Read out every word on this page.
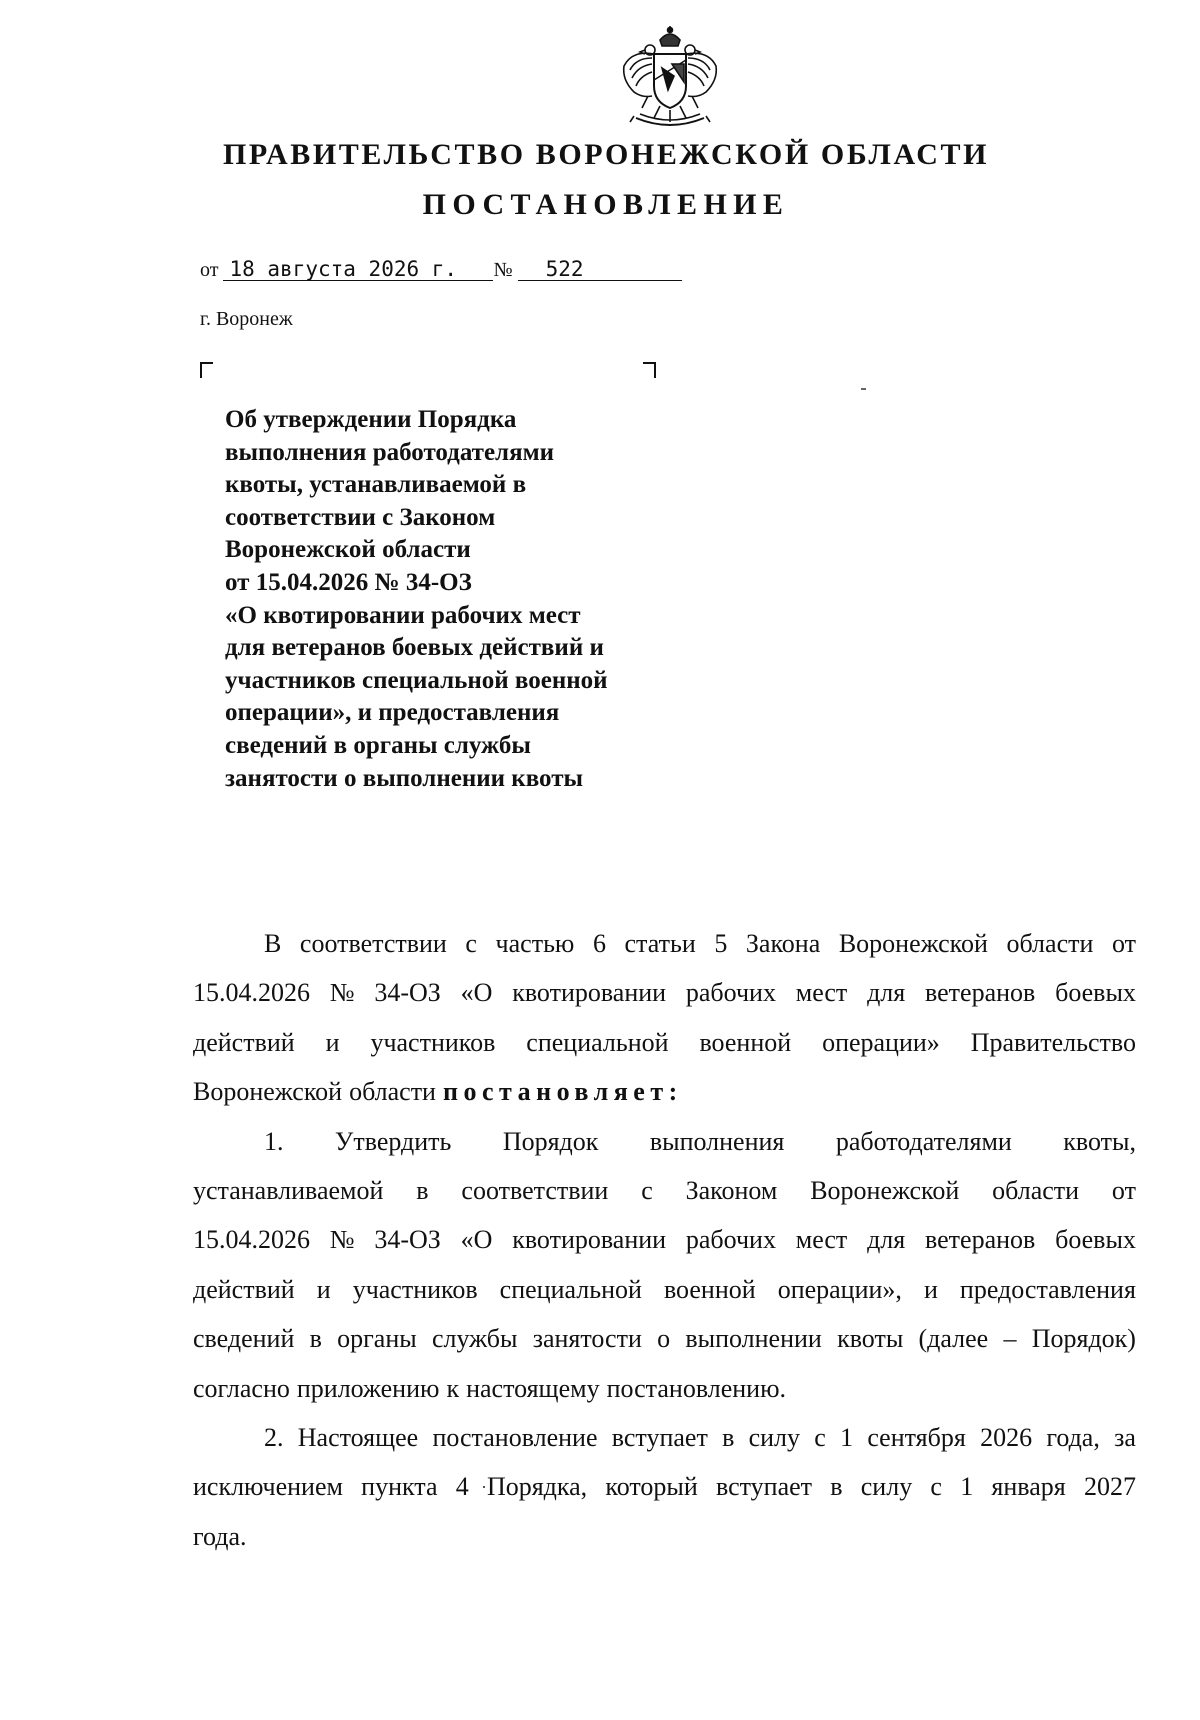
ПРАВИТЕЛЬСТВО ВОРОНЕЖСКОЙ ОБЛАСТИ
ПОСТАНОВЛЕНИЕ
от 18 августа 2026 г. № 522
г. Воронеж
Об утверждении Порядка
выполнения работодателями
квоты, устанавливаемой в
соответствии с Законом
Воронежской области
от 15.04.2026 № 34-ОЗ
«О квотировании рабочих мест
для ветеранов боевых действий и
участников специальной военной
операции», и предоставления
сведений в органы службы
занятости о выполнении квоты
В соответствии с частью 6 статьи 5 Закона Воронежской области от
15.04.2026 № 34-ОЗ «О квотировании рабочих мест для ветеранов боевых
действий и участников специальной военной операции» Правительство
Воронежской области постановляет:
1. Утвердить Порядок выполнения работодателями квоты,
устанавливаемой в соответствии с Законом Воронежской области от
15.04.2026 № 34-ОЗ «О квотировании рабочих мест для ветеранов боевых
действий и участников специальной военной операции», и предоставления
сведений в органы службы занятости о выполнении квоты (далее – Порядок)
согласно приложению к настоящему постановлению.
2. Настоящее постановление вступает в силу с 1 сентября 2026 года, за
исключением пункта 4 Порядка, который вступает в силу с 1 января 2027
года.
